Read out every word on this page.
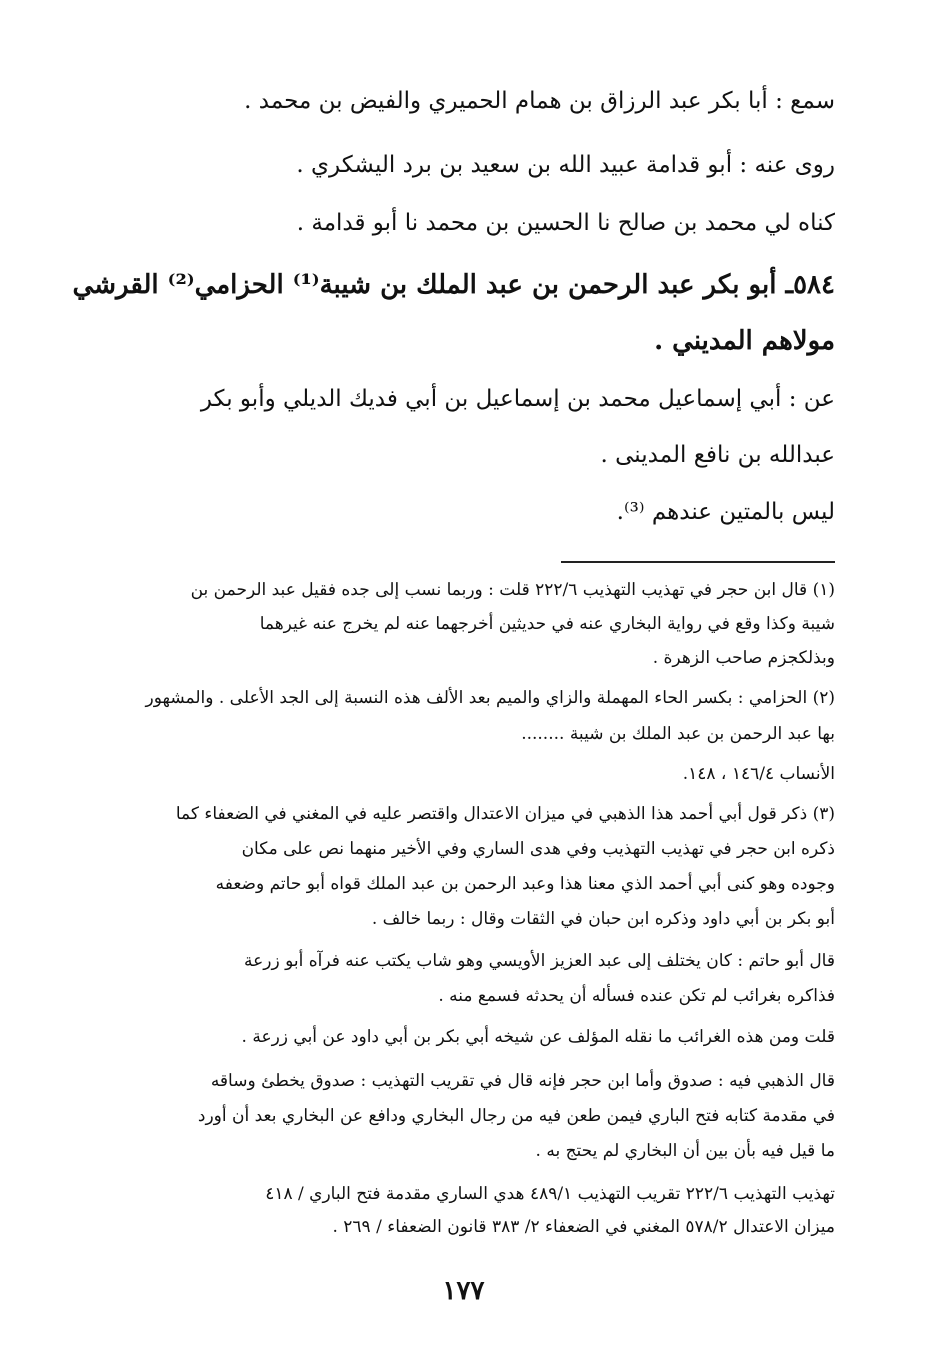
سمع : أبا بكر عبد الرزاق بن همام الحميري والفيض بن محمد .
روى عنه : أبو قدامة عبيد الله بن سعيد بن برد اليشكري .
كناه لي محمد بن صالح نا الحسين بن محمد نا أبو قدامة .
٥٨٤ـ أبو بكر عبد الرحمن بن عبد الملك بن شيبة⁽¹⁾ الحزامي⁽²⁾ القرشي
مولاهم المديني .
عن : أبي إسماعيل محمد بن إسماعيل بن أبي فديك الديلي وأبو بكر
عبدالله بن نافع المدينى .
ليس بالمتين عندهم ⁽³⁾.
(١) قال ابن حجر في تهذيب التهذيب ٢٢٢/٦ قلت : وربما نسب إلى جده فقيل عبد الرحمن بن
شيبة وكذا وقع في رواية البخاري عنه في حديثين أخرجهما عنه لم يخرج عنه غيرهما
وبذلكجزم صاحب الزهرة .
(٢) الحزامي : بكسر الحاء المهملة والزاي والميم بعد الألف هذه النسبة إلى الجد الأعلى . والمشهور
بها عبد الرحمن بن عبد الملك بن شيبة ........
الأنساب ١٤٦/٤ ، ١٤٨.
(٣) ذكر قول أبي أحمد هذا الذهبي في ميزان الاعتدال واقتصر عليه في المغني في الضعفاء كما
ذكره ابن حجر في تهذيب التهذيب وفي هدى الساري وفي الأخير منهما نص على مكان
وجوده وهو كنى أبي أحمد الذي معنا هذا وعبد الرحمن بن عبد الملك قواه أبو حاتم وضعفه
أبو بكر بن أبي داود وذكره ابن حبان في الثقات وقال : ربما خالف .
قال أبو حاتم : كان يختلف إلى عبد العزيز الأويسي وهو شاب يكتب عنه فرآه أبو زرعة
فذاكره بغرائب لم تكن عنده فسأله أن يحدثه فسمع منه .
قلت ومن هذه الغرائب ما نقله المؤلف عن شيخه أبي بكر بن أبي داود عن أبي زرعة .
قال الذهبي فيه : صدوق وأما ابن حجر فإنه قال في تقريب التهذيب : صدوق يخطئ وساقه
في مقدمة كتابه فتح الباري فيمن طعن فيه من رجال البخاري ودافع عن البخاري بعد أن أورد
ما قيل فيه بأن بين أن البخاري لم يحتج به .
تهذيب التهذيب ٢٢٢/٦ تقريب التهذيب ٤٨٩/١ هدي الساري مقدمة فتح الباري / ٤١٨
ميزان الاعتدال ٥٧٨/٢ المغني في الضعفاء ٢/ ٣٨٣ قانون الضعفاء / ٢٦٩ .
١٧٧
